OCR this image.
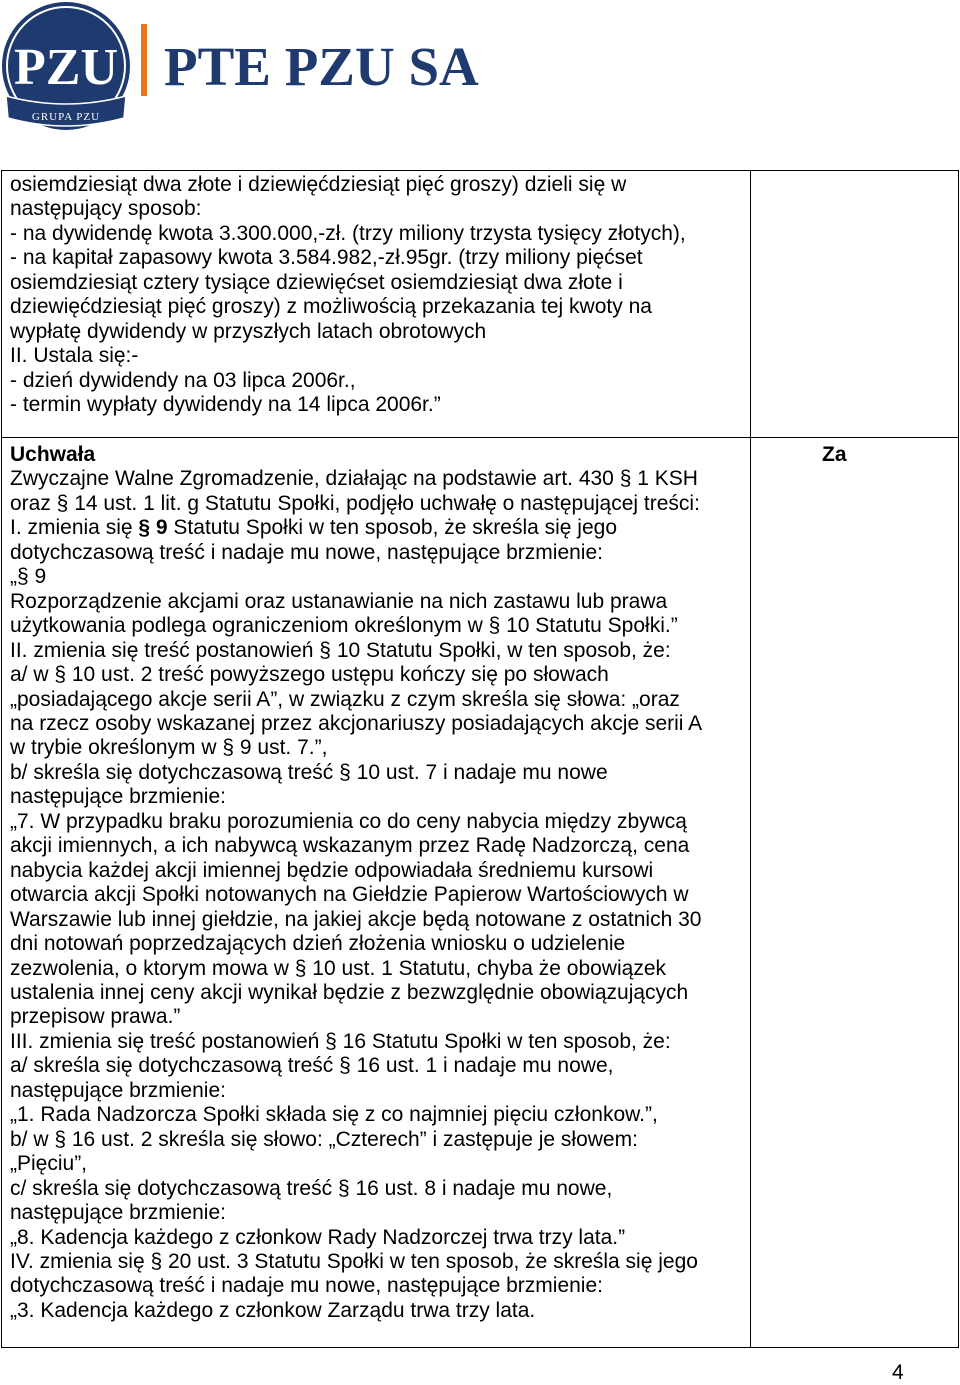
PZU
GRUPA PZU
PTE PZU SA
osiemdziesiąt dwa złote i dziewięćdziesiąt pięć groszy) dzieli się w
następujący sposob:
- na dywidendę kwota 3.300.000,-zł. (trzy miliony trzysta tysięcy złotych),
- na kapitał zapasowy kwota 3.584.982,-zł.95gr. (trzy miliony pięćset
osiemdziesiąt cztery tysiące dziewięćset osiemdziesiąt dwa złote i
dziewięćdziesiąt pięć groszy) z możliwością przekazania tej kwoty na
wypłatę dywidendy w przyszłych latach obrotowych
II. Ustala się:-
- dzień dywidendy na 03 lipca 2006r.,
- termin wypłaty dywidendy na 14 lipca 2006r.”
Uchwała
Zwyczajne Walne Zgromadzenie, działając na podstawie art. 430 § 1 KSH
oraz § 14 ust. 1 lit. g Statutu Społki, podjęło uchwałę o następującej treści:
I. zmienia się § 9 Statutu Społki w ten sposob, że skreśla się jego
dotychczasową treść i nadaje mu nowe, następujące brzmienie:
„§ 9
Rozporządzenie akcjami oraz ustanawianie na nich zastawu lub prawa
użytkowania podlega ograniczeniom określonym w § 10 Statutu Społki.”
II. zmienia się treść postanowień § 10 Statutu Społki, w ten sposob, że:
a/ w § 10 ust. 2 treść powyższego ustępu kończy się po słowach
„posiadającego akcje serii A”, w związku z czym skreśla się słowa: „oraz
na rzecz osoby wskazanej przez akcjonariuszy posiadających akcje serii A
w trybie określonym w § 9 ust. 7.”,
b/ skreśla się dotychczasową treść § 10 ust. 7 i nadaje mu nowe
następujące brzmienie:
„7. W przypadku braku porozumienia co do ceny nabycia między zbywcą
akcji imiennych, a ich nabywcą wskazanym przez Radę Nadzorczą, cena
nabycia każdej akcji imiennej będzie odpowiadała średniemu kursowi
otwarcia akcji Społki notowanych na Giełdzie Papierow Wartościowych w
Warszawie lub innej giełdzie, na jakiej akcje będą notowane z ostatnich 30
dni notowań poprzedzających dzień złożenia wniosku o udzielenie
zezwolenia, o ktorym mowa w § 10 ust. 1 Statutu, chyba że obowiązek
ustalenia innej ceny akcji wynikał będzie z bezwzględnie obowiązujących
przepisow prawa.”
III. zmienia się treść postanowień § 16 Statutu Społki w ten sposob, że:
a/ skreśla się dotychczasową treść § 16 ust. 1 i nadaje mu nowe,
następujące brzmienie:
„1. Rada Nadzorcza Społki składa się z co najmniej pięciu członkow.”,
b/ w § 16 ust. 2 skreśla się słowo: „Czterech” i zastępuje je słowem:
„Pięciu”,
c/ skreśla się dotychczasową treść § 16 ust. 8 i nadaje mu nowe,
następujące brzmienie:
„8. Kadencja każdego z członkow Rady Nadzorczej trwa trzy lata.”
IV. zmienia się § 20 ust. 3 Statutu Społki w ten sposob, że skreśla się jego
dotychczasową treść i nadaje mu nowe, następujące brzmienie:
„3. Kadencja każdego z członkow Zarządu trwa trzy lata.
Za
4
